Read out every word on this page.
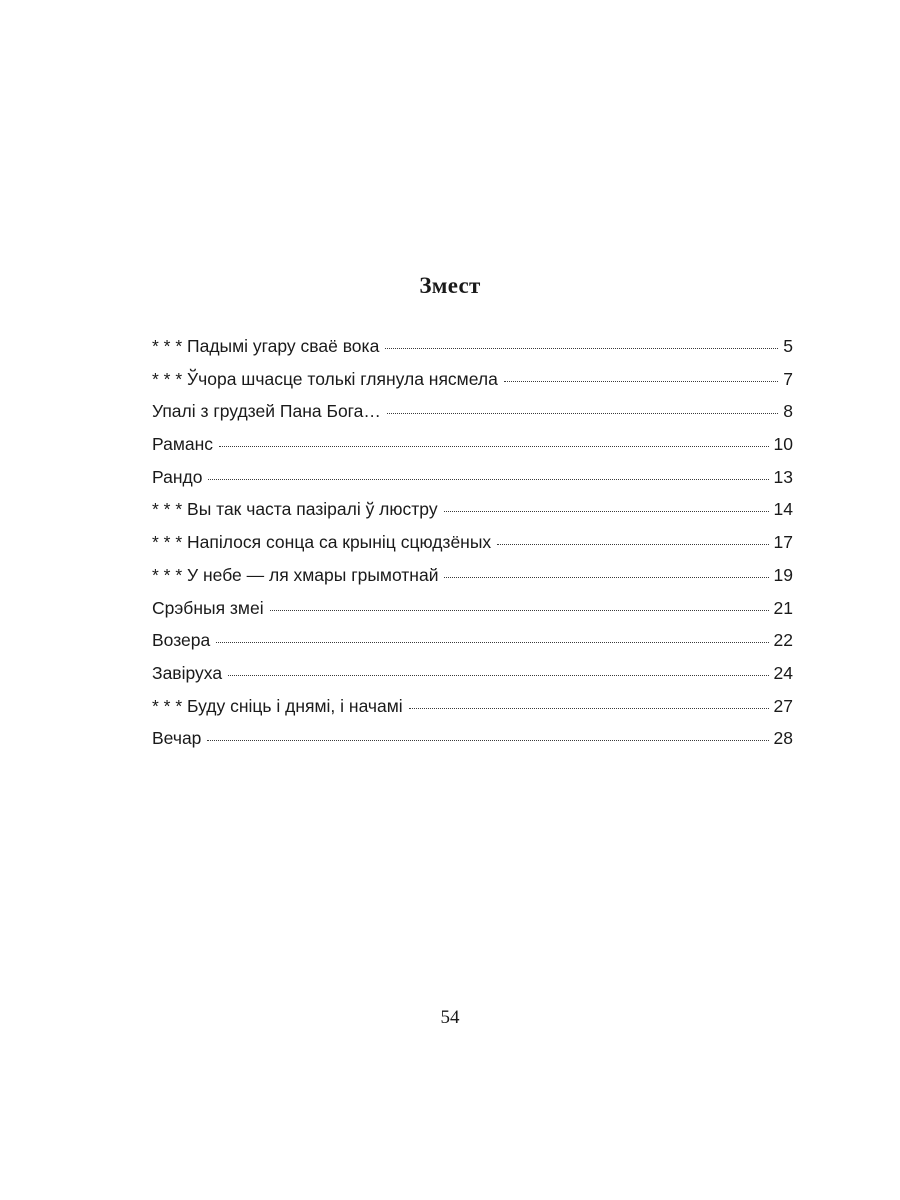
Змест
* * * Падымі угару сваё вока	5
* * * Ўчора шчасце толькі глянула нясмела	7
Упалі з грудзей Пана Бога…	8
Раманс	10
Рандо	13
* * * Вы так часта пазіралі ў люстру	14
* * * Напілося сонца са крыніц сцюдзёных	17
* * * У небе — ля хмары грымотнай	19
Срэбныя змеі	21
Возера	22
Завіруха	24
* * * Буду сніць і днямі, і начамі	27
Вечар	28
54
